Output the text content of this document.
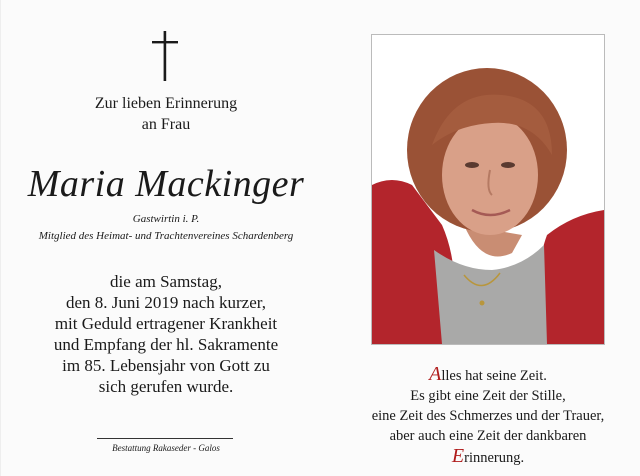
Zur lieben Erinnerung
an Frau
Maria Mackinger
Gastwirtin i. P.
Mitglied des Heimat- und Trachtenvereines Schardenberg
die am Samstag,
den 8. Juni 2019 nach kurzer,
mit Geduld ertragener Krankheit
und Empfang der hl. Sakramente
im 85. Lebensjahr von Gott zu
sich gerufen wurde.
Bestattung Rakaseder - Galos
Alles hat seine Zeit.
Es gibt eine Zeit der Stille,
eine Zeit des Schmerzes und der Trauer,
aber auch eine Zeit der dankbaren
Erinnerung.
